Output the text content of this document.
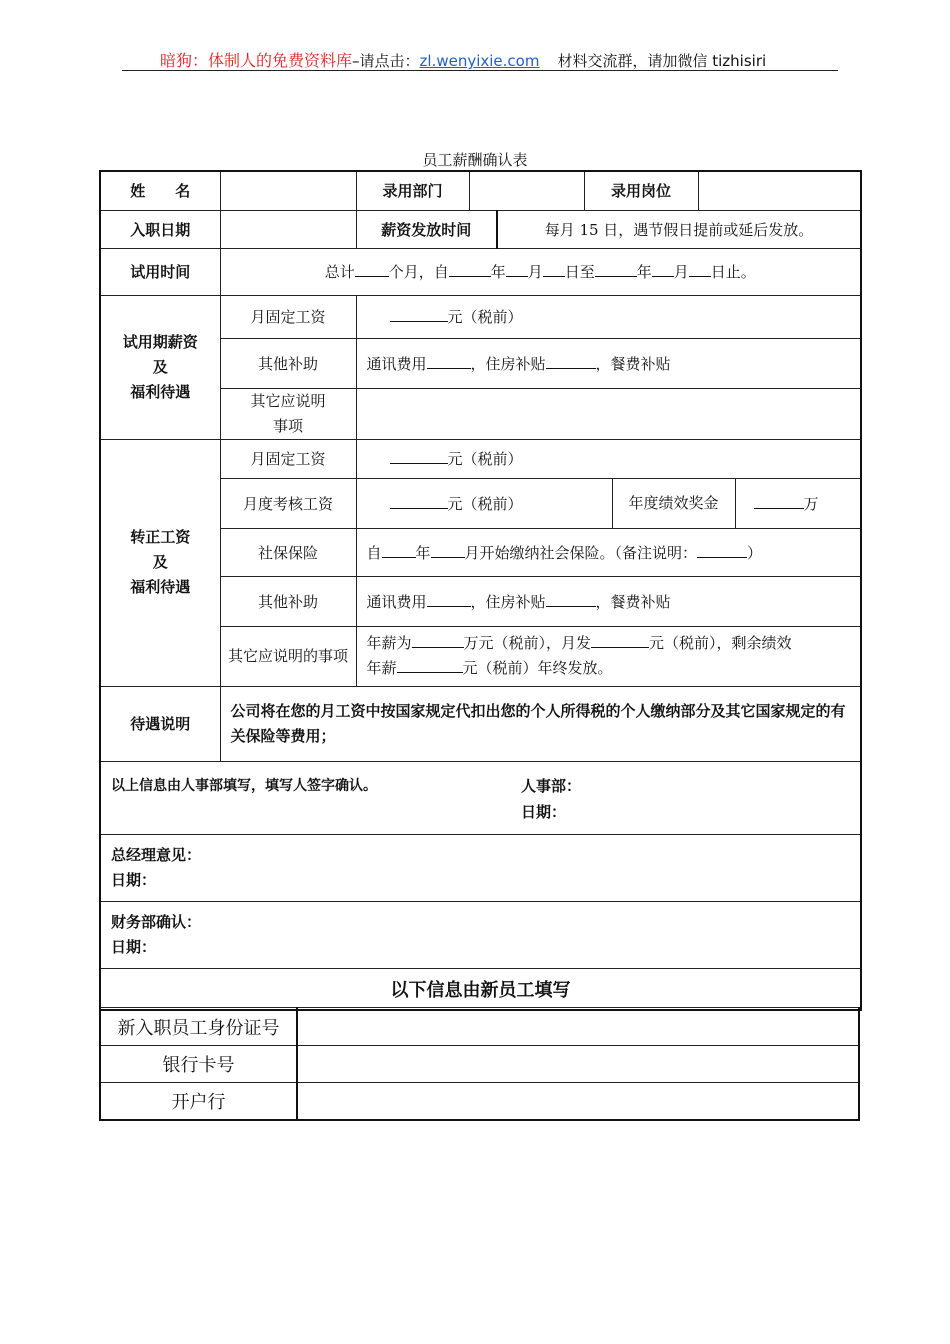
暗狗：体制人的免费资料库–请点击：zl.wenyixie.com 材料交流群，请加微信 tizhisiri
员工薪酬确认表
姓　　名		录用部门			录用岗位			
入职日期		薪资发放时间		每月 15 日，遇节假日提前或延后发放。				
试用时间	总计 个月，自 年 月 日至 年 月 日止。							

试用期薪资
及
福利待遇	月固定工资	元（税前）						
	其他补助	通讯费用 ，住房补贴 ，餐费补贴						
	其它应说明事项							

转正工资
及
福利待遇	月固定工资	元（税前）						
	月度考核工资	元（税前）				年度绩效奖金		万
	社保保险	自 年 月开始缴纳社会保险。（备注说明： ）						
	其他补助	通讯费用 ，住房补贴 ，餐费补贴						
	其它应说明的事项	年薪为 万元（税前），月发 元（税前），剩余绩效
年薪 元（税前）年终发放。						
待遇说明	公司将在您的月工资中按国家规定代扣出您的个人所得税的个人缴纳部分及其它国家规定的有关保险等费用；							

以上信息由人事部填写，填写人签字确认。 人事部：
日期：								

总经理意见：
日期：								

财务部确认：
日期：								

以下信息由新员工填写								
新入职员工身份证号	
银行卡号	
开户行	
